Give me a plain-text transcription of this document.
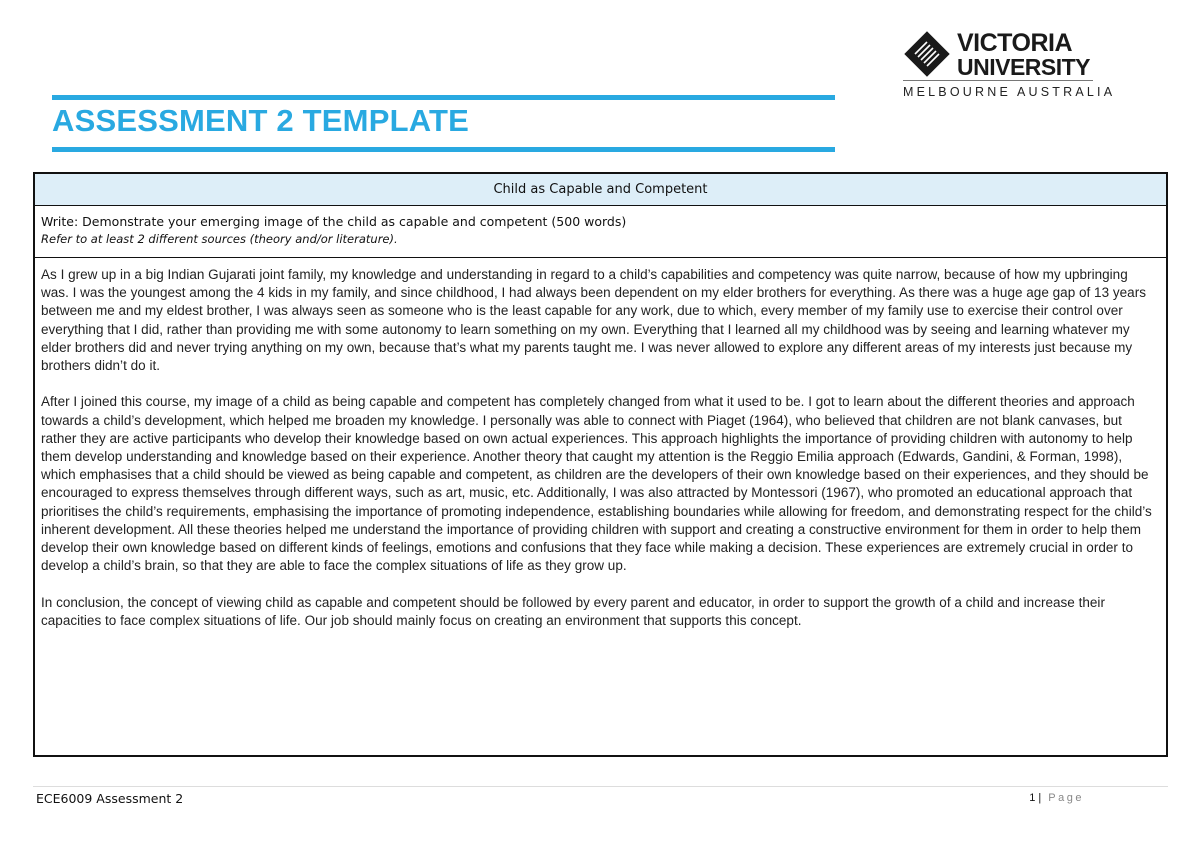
ASSESSMENT 2 TEMPLATE
VICTORIA
UNIVERSITY
MELBOURNE AUSTRALIA
Child as Capable and Competent
Write: Demonstrate your emerging image of the child as capable and competent (500 words)
Refer to at least 2 different sources (theory and/or literature).

As I grew up in a big Indian Gujarati joint family, my knowledge and understanding in regard to a child’s capabilities and competency was quite narrow, because of how my upbringing was. I was the youngest among the 4 kids in my family, and since childhood, I had always been dependent on my elder brothers for everything. As there was a huge age gap of 13 years between me and my eldest brother, I was always seen as someone who is the least capable for any work, due to which, every member of my family use to exercise their control over everything that I did, rather than providing me with some autonomy to learn something on my own. Everything that I learned all my childhood was by seeing and learning whatever my elder brothers did and never trying anything on my own, because that’s what my parents taught me. I was never allowed to explore any different areas of my interests just because my brothers didn’t do it.

After I joined this course, my image of a child as being capable and competent has completely changed from what it used to be. I got to learn about the different theories and approach towards a child’s development, which helped me broaden my knowledge. I personally was able to connect with Piaget (1964), who believed that children are not blank canvases, but rather they are active participants who develop their knowledge based on own actual experiences. This approach highlights the importance of providing children with autonomy to help them develop understanding and knowledge based on their experience. Another theory that caught my attention is the Reggio Emilia approach (Edwards, Gandini, & Forman, 1998), which emphasises that a child should be viewed as being capable and competent, as children are the developers of their own knowledge based on their experiences, and they should be encouraged to express themselves through different ways, such as art, music, etc. Additionally, I was also attracted by Montessori (1967), who promoted an educational approach that prioritises the child’s requirements, emphasising the importance of promoting independence, establishing boundaries while allowing for freedom, and demonstrating respect for the child’s inherent development. All these theories helped me understand the importance of providing children with support and creating a constructive environment for them in order to help them develop their own knowledge based on different kinds of feelings, emotions and confusions that they face while making a decision. These experiences are extremely crucial in order to develop a child’s brain, so that they are able to face the complex situations of life as they grow up.

In conclusion, the concept of viewing child as capable and competent should be followed by every parent and educator, in order to support the growth of a child and increase their capacities to face complex situations of life. Our job should mainly focus on creating an environment that supports this concept.

ECE6009 Assessment 2	1 | Page
